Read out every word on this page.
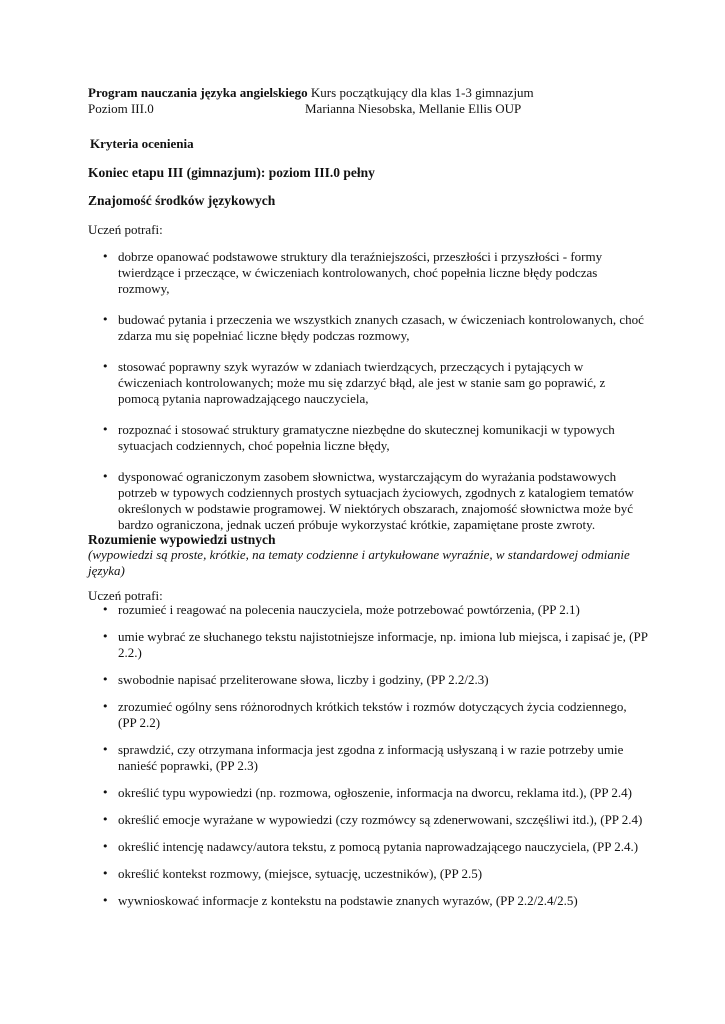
Program nauczania języka angielskiego Kurs początkujący dla klas 1-3 gimnazjum
Poziom III.0	Marianna Niesobska, Mellanie Ellis OUP
Kryteria ocenienia
Koniec etapu III (gimnazjum): poziom III.0 pełny
Znajomość środków językowych
Uczeń potrafi:
• dobrze opanować podstawowe struktury dla teraźniejszości, przeszłości i przyszłości - formy twierdzące i przeczące, w ćwiczeniach kontrolowanych, choć popełnia liczne błędy podczas rozmowy,
• budować pytania i przeczenia we wszystkich znanych czasach, w ćwiczeniach kontrolowanych, choć zdarza mu się popełniać liczne błędy podczas rozmowy,
• stosować poprawny szyk wyrazów w zdaniach twierdzących, przeczących i pytających w ćwiczeniach kontrolowanych; może mu się zdarzyć błąd, ale jest w stanie sam go poprawić, z pomocą pytania naprowadzającego nauczyciela,
• rozpoznać i stosować struktury gramatyczne niezbędne do skutecznej komunikacji w typowych sytuacjach codziennych, choć popełnia liczne błędy,
• dysponować ograniczonym zasobem słownictwa, wystarczającym do wyrażania podstawowych potrzeb w typowych codziennych prostych sytuacjach życiowych, zgodnych z katalogiem tematów określonych w podstawie programowej. W niektórych obszarach, znajomość słownictwa może być bardzo ograniczona, jednak uczeń próbuje wykorzystać krótkie, zapamiętane proste zwroty.
Rozumienie wypowiedzi ustnych
(wypowiedzi są proste, krótkie, na tematy codzienne i artykułowane wyraźnie, w standardowej odmianie języka)
Uczeń potrafi:
• rozumieć i reagować na polecenia nauczyciela, może potrzebować powtórzenia, (PP 2.1)
• umie wybrać ze słuchanego tekstu najistotniejsze informacje, np. imiona lub miejsca, i zapisać je, (PP 2.2.)
• swobodnie napisać przeliterowane słowa, liczby i godziny, (PP 2.2/2.3)
• zrozumieć ogólny sens różnorodnych krótkich tekstów i rozmów dotyczących życia codziennego, (PP 2.2)
• sprawdzić, czy otrzymana informacja jest zgodna z informacją usłyszaną i w razie potrzeby umie nanieść poprawki, (PP 2.3)
• określić typu wypowiedzi (np. rozmowa, ogłoszenie, informacja na dworcu, reklama itd.), (PP 2.4)
• określić emocje wyrażane w wypowiedzi (czy rozmówcy są zdenerwowani, szczęśliwi itd.), (PP 2.4)
• określić intencję nadawcy/autora tekstu, z pomocą pytania naprowadzającego nauczyciela, (PP 2.4.)
• określić kontekst rozmowy, (miejsce, sytuację, uczestników), (PP 2.5)
• wywnioskować informacje z kontekstu na podstawie znanych wyrazów, (PP 2.2/2.4/2.5)
